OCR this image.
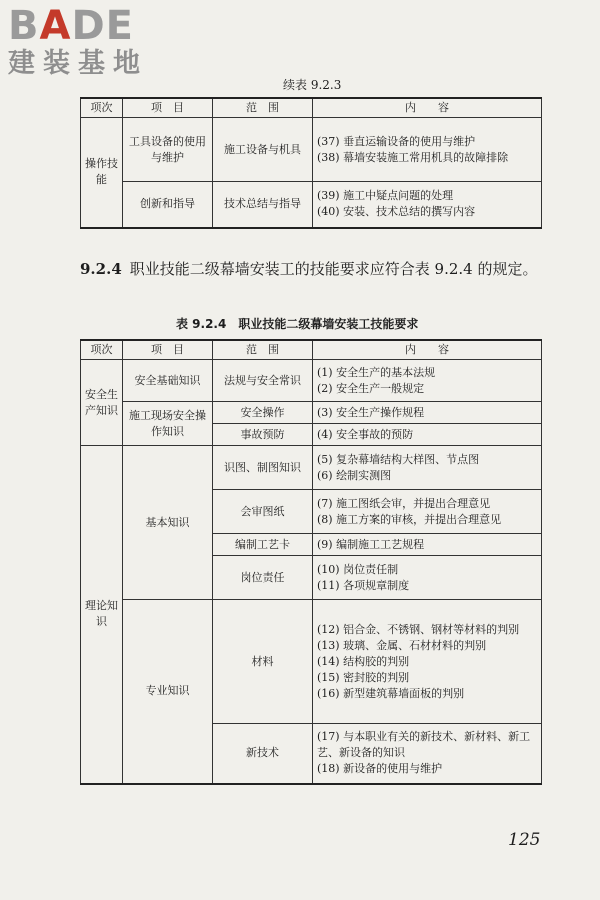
BADE
建装基地
续表 9.2.3
项次	项　目	范　围	内　　容
操作技能	工具设备的使用与维护	施工设备与机具	(37) 垂直运输设备的使用与维护
(38) 幕墙安装施工常用机具的故障排除

	创新和指导	技术总结与指导	(39) 施工中疑点问题的处理
(40) 安装、技术总结的撰写内容
9.2.4 职业技能二级幕墙安装工的技能要求应符合表 9.2.4 的规定。
表 9.2.4 职业技能二级幕墙安装工技能要求
项次	项　目	范　围	内　　容
安全生产知识	安全基础知识	法规与安全常识	(1) 安全生产的基本法规
(2) 安全生产一般规定

	施工现场安全操作知识	安全操作	(3) 安全生产操作规程
		事故预防	(4) 安全事故的预防
理论知识	基本知识	识图、制图知识	(5) 复杂幕墙结构大样图、节点图
(6) 绘制实测图

		会审图纸	(7) 施工图纸会审，并提出合理意见
(8) 施工方案的审核，并提出合理意见

		编制工艺卡	(9) 编制施工工艺规程
		岗位责任	(10) 岗位责任制
(11) 各项规章制度

	专业知识	材料	(12) 铝合金、不锈钢、钢材等材料的判别
(13) 玻璃、金属、石材材料的判别
(14) 结构胶的判别
(15) 密封胶的判别
(16) 新型建筑幕墙面板的判别

		新技术	(17) 与本职业有关的新技术、新材料、新工艺、新设备的知识
(18) 新设备的使用与维护
125
